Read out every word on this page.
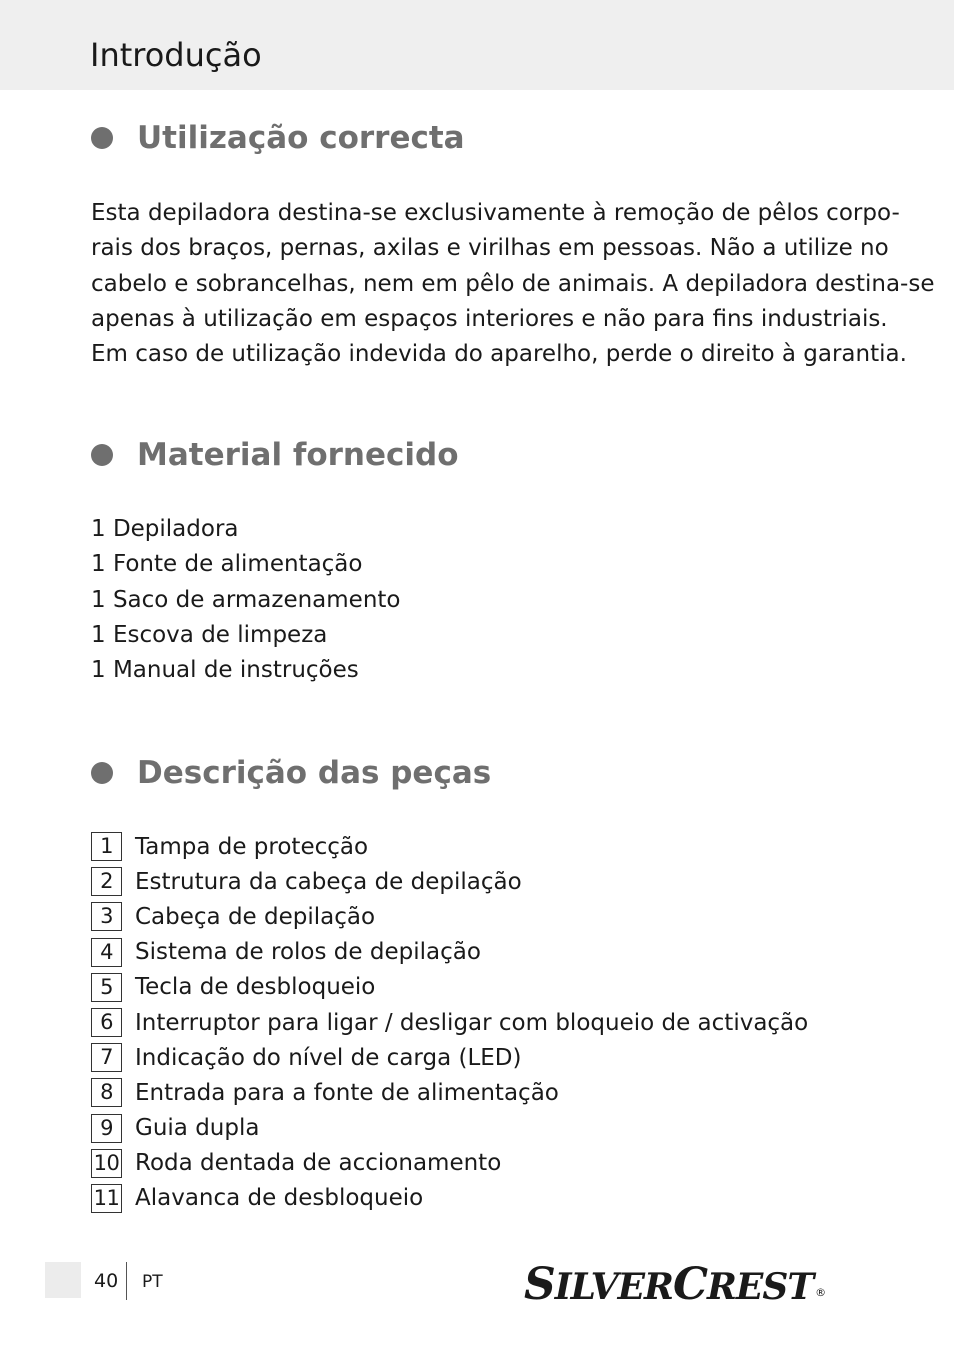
Introdução
Utilização correcta

Esta depiladora destina-se exclusivamente à remoção de pêlos corpo-
rais dos braços, pernas, axilas e virilhas em pessoas. Não a utilize no
cabelo e sobrancelhas, nem em pêlo de animais. A depiladora destina-se
apenas à utilização em espaços interiores e não para fins industriais.
Em caso de utilização indevida do aparelho, perde o direito à garantia.

Material fornecido
1 Depiladora
1 Fonte de alimentação
1 Saco de armazenamento
1 Escova de limpeza
1 Manual de instruções
Descrição das peças
1 Tampa de protecção
2 Estrutura da cabeça de depilação
3 Cabeça de depilação
4 Sistema de rolos de depilação
5 Tecla de desbloqueio
6 Interruptor para ligar / desligar com bloqueio de activação
7 Indicação do nível de carga (LED)
8 Entrada para a fonte de alimentação
9 Guia dupla
10 Roda dentada de accionamento
11 Alavanca de desbloqueio
40 PT	SILVERCREST ®
